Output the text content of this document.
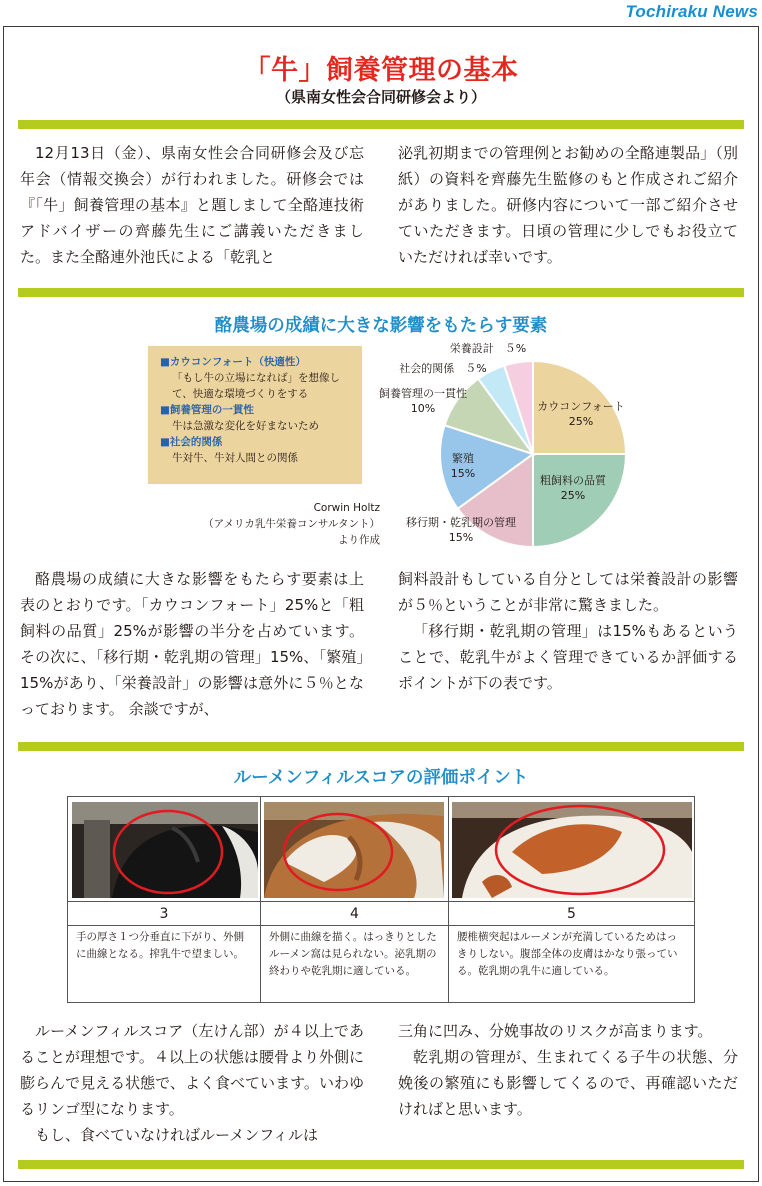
Tochiraku News
「牛」飼養管理の基本
（県南女性会合同研修会より）

12月13日（金）、県南女性会合同研修会及び忘年会（情報交換会）が行われました。研修会では『「牛」飼養管理の基本』と題しまして全酪連技術アドバイザーの齊藤先生にご講義いただきました。また全酪連外池氏による「乾乳と

泌乳初期までの管理例とお勧めの全酪連製品」（別紙）の資料を齊藤先生監修のもと作成されご紹介がありました。研修内容について一部ご紹介させていただきます。日頃の管理に少しでもお役立ていただければ幸いです。

酪農場の成績に大きな影響をもたらす要素
■カウコンフォート（快適性）
「もし牛の立場になれば」を想像して、快適な環境づくりをする
■飼養管理の一貫性
牛は急激な変化を好まないため
■社会的関係
牛対牛、牛対人間との関係
Corwin Holtz
（アメリカ乳牛栄養コンサルタント）
より作成
カウコンフォート
25%
粗飼料の品質
25%
移行期・乾乳期の管理
15%
繁殖
15%
飼養管理の一貫性
10%
社会的関係　５%
栄養設計　５%

酪農場の成績に大きな影響をもたらす要素は上表のとおりです。「カウコンフォート」25%と「粗飼料の品質」25%が影響の半分を占めています。その次に、「移行期・乾乳期の管理」15%、「繁殖」15%があり、「栄養設計」の影響は意外に５％となっております。 余談ですが、

飼料設計もしている自分としては栄養設計の影響が５％ということが非常に驚きました。

「移行期・乾乳期の管理」は15%もあるということで、乾乳牛がよく管理できているか評価するポイントが下の表です。

ルーメンフィルスコアの評価ポイント
3	4	5
手の厚さ１つ分垂直に下がり、外側に曲線となる。搾乳牛で望ましい。
外側に曲線を描く。はっきりとしたルーメン窩は見られない。泌乳期の終わりや乾乳期に適している。
腰椎横突起はルーメンが充満しているためはっきりしない。腹部全体の皮膚はかなり張っている。乾乳期の乳牛に適している。

ルーメンフィルスコア（左けん部）が４以上であることが理想です。４以上の状態は腰骨より外側に膨らんで見える状態で、よく食べています。いわゆるリンゴ型になります。

もし、食べていなければルーメンフィルは

三角に凹み、分娩事故のリスクが高まります。

乾乳期の管理が、生まれてくる子牛の状態、分娩後の繁殖にも影響してくるので、再確認いただければと思います。
